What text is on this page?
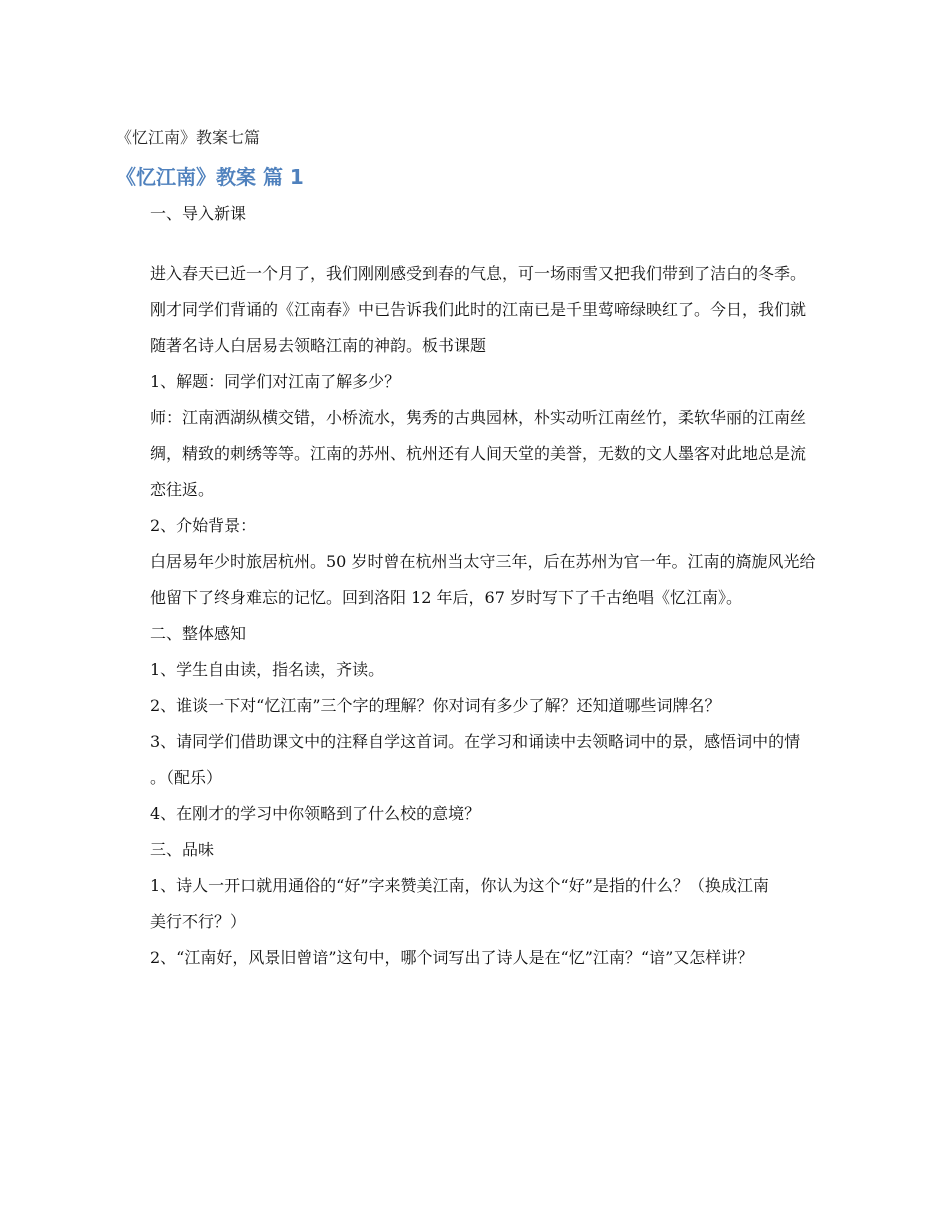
《忆江南》教案七篇
《忆江南》教案 篇 1

一、导入新课

进入春天已近一个月了，我们刚刚感受到春的气息，可一场雨雪又把我们带到了洁白的冬季。

刚才同学们背诵的《江南春》中已告诉我们此时的江南已是千里莺啼绿映红了。今日，我们就

随著名诗人白居易去领略江南的神韵。板书课题

1、解题：同学们对江南了解多少？

师：江南洒湖纵横交错，小桥流水，隽秀的古典园林，朴实动听江南丝竹，柔软华丽的江南丝

绸，精致的刺绣等等。江南的苏州、杭州还有人间天堂的美誉，无数的文人墨客对此地总是流

恋往返。

2、介始背景：

白居易年少时旅居杭州。50 岁时曾在杭州当太守三年，后在苏州为官一年。江南的旖旎风光给

他留下了终身难忘的记忆。回到洛阳 12 年后，67 岁时写下了千古绝唱《忆江南》。

二、整体感知

1、学生自由读，指名读，齐读。

2、谁谈一下对“忆江南”三个字的理解？你对词有多少了解？还知道哪些词牌名？

3、请同学们借助课文中的注释自学这首词。在学习和诵读中去领略词中的景，感悟词中的情

。（配乐）

4、在刚才的学习中你领略到了什么校的意境？

三、品味

1、诗人一开口就用通俗的“好”字来赞美江南，你认为这个“好”是指的什么？（换成江南

美行不行？）

2、“江南好，风景旧曾谙”这句中，哪个词写出了诗人是在“忆”江南？“谙”又怎样讲？
